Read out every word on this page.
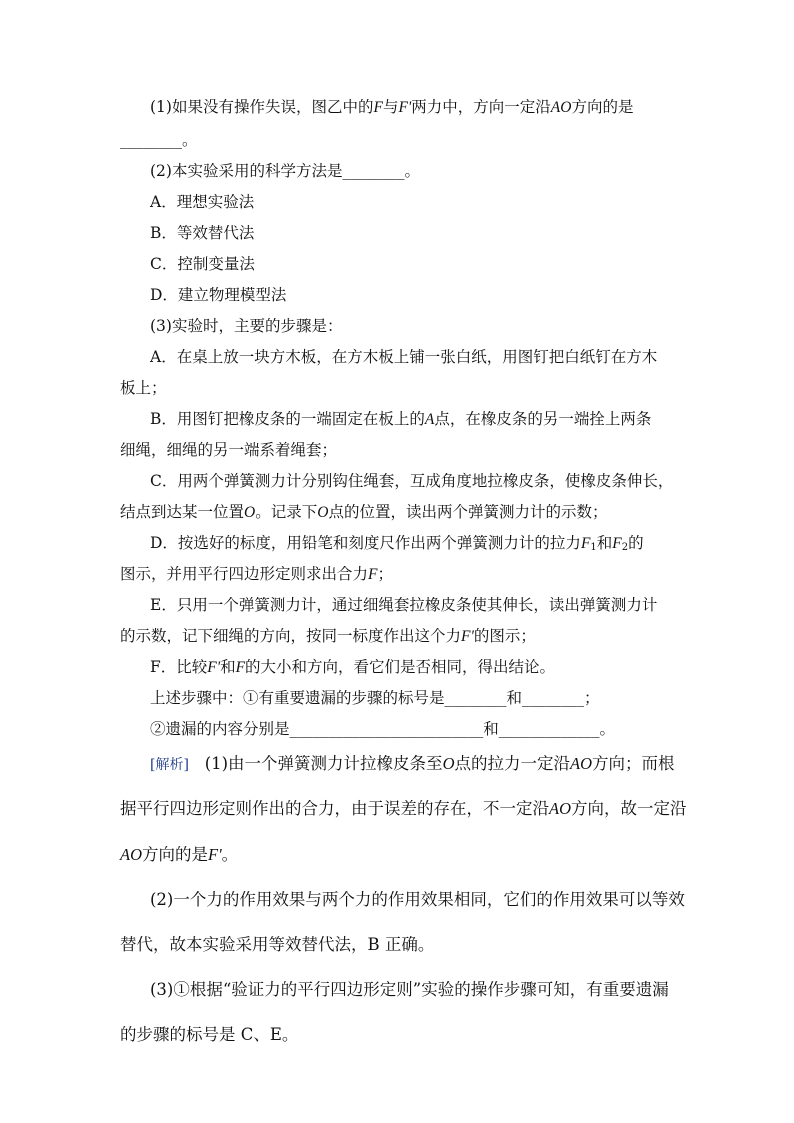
(1)如果没有操作失误，图乙中的F与F'两力中，方向一定沿AO方向的是
________。
(2)本实验采用的科学方法是________。
A．理想实验法
B．等效替代法
C．控制变量法
D．建立物理模型法
(3)实验时，主要的步骤是：
A．在桌上放一块方木板，在方木板上铺一张白纸，用图钉把白纸钉在方木
板上；
B．用图钉把橡皮条的一端固定在板上的A点，在橡皮条的另一端拴上两条
细绳，细绳的另一端系着绳套；
C．用两个弹簧测力计分别钩住绳套，互成角度地拉橡皮条，使橡皮条伸长，
结点到达某一位置O。记录下O点的位置，读出两个弹簧测力计的示数；
D．按选好的标度，用铅笔和刻度尺作出两个弹簧测力计的拉力$F_1$和$F_2$的
图示，并用平行四边形定则求出合力F；
E．只用一个弹簧测力计，通过细绳套拉橡皮条使其伸长，读出弹簧测力计
的示数，记下细绳的方向，按同一标度作出这个力F'的图示；
F．比较F'和F的大小和方向，看它们是否相同，得出结论。
上述步骤中：①有重要遗漏的步骤的标号是________和________；
②遗漏的内容分别是_________________________和_____________。
[解析] (1)由一个弹簧测力计拉橡皮条至O点的拉力一定沿AO方向；而根
据平行四边形定则作出的合力，由于误差的存在，不一定沿AO方向，故一定沿
AO方向的是F'。
(2)一个力的作用效果与两个力的作用效果相同，它们的作用效果可以等效
替代，故本实验采用等效替代法，B 正确。
(3)①根据“验证力的平行四边形定则”实验的操作步骤可知，有重要遗漏
的步骤的标号是 C、E。
